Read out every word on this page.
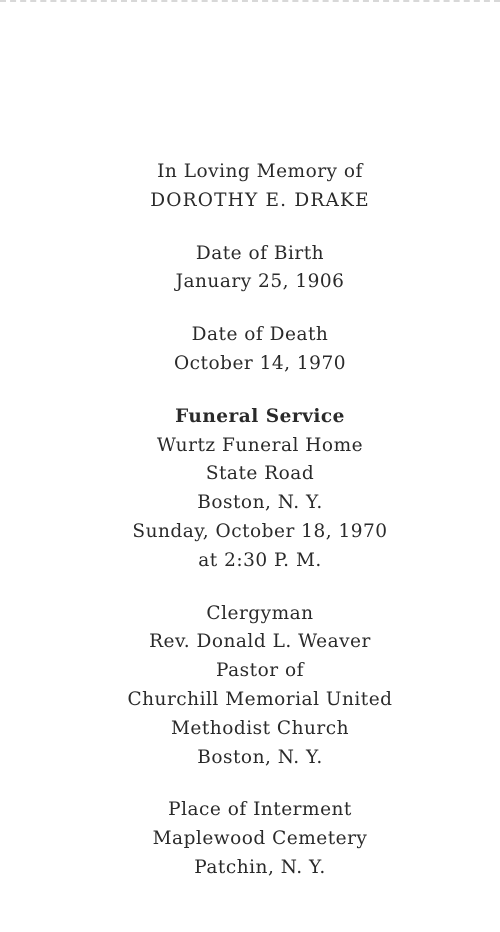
In Loving Memory of
DOROTHY E. DRAKE
Date of Birth
January 25, 1906
Date of Death
October 14, 1970
Funeral Service
Wurtz Funeral Home
State Road
Boston, N. Y.
Sunday, October 18, 1970
at 2:30 P. M.
Clergyman
Rev. Donald L. Weaver
Pastor of
Churchill Memorial United
Methodist Church
Boston, N. Y.
Place of Interment
Maplewood Cemetery
Patchin, N. Y.
